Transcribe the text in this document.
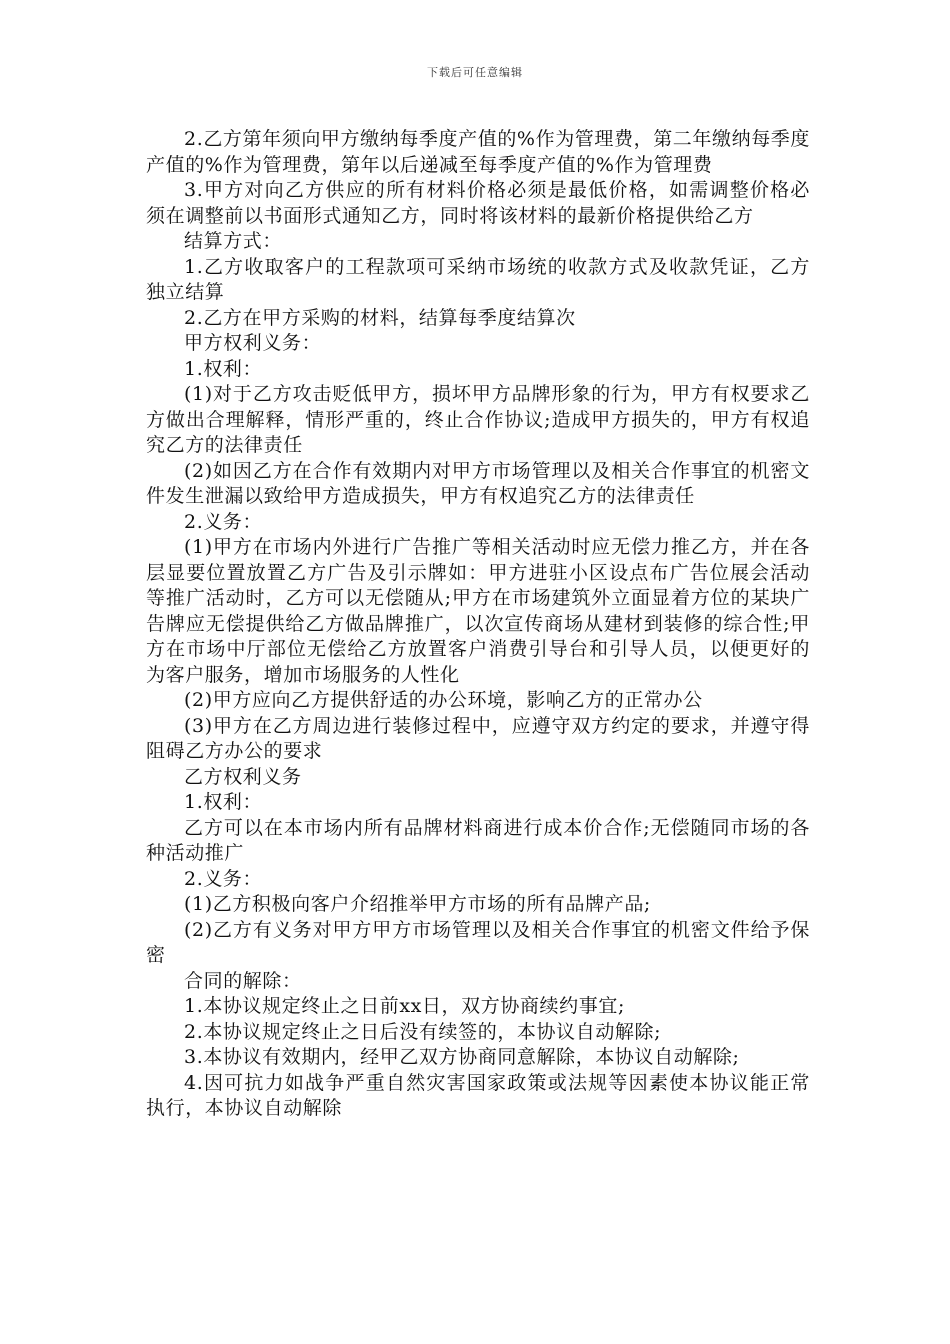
下载后可任意编辑

2.乙方第年须向甲方缴纳每季度产值的%作为管理费，第二年缴纳每季度产值的%作为管理费，第年以后递减至每季度产值的%作为管理费

3.甲方对向乙方供应的所有材料价格必须是最低价格，如需调整价格必须在调整前以书面形式通知乙方，同时将该材料的最新价格提供给乙方

结算方式：

1.乙方收取客户的工程款项可采纳市场统的收款方式及收款凭证，乙方独立结算

2.乙方在甲方采购的材料，结算每季度结算次

甲方权利义务：

1.权利：

(1)对于乙方攻击贬低甲方，损坏甲方品牌形象的行为，甲方有权要求乙方做出合理解释，情形严重的，终止合作协议;造成甲方损失的，甲方有权追究乙方的法律责任

(2)如因乙方在合作有效期内对甲方市场管理以及相关合作事宜的机密文件发生泄漏以致给甲方造成损失，甲方有权追究乙方的法律责任

2.义务：

(1)甲方在市场内外进行广告推广等相关活动时应无偿力推乙方，并在各层显要位置放置乙方广告及引示牌如：甲方进驻小区设点布广告位展会活动等推广活动时，乙方可以无偿随从;甲方在市场建筑外立面显着方位的某块广告牌应无偿提供给乙方做品牌推广，以次宣传商场从建材到装修的综合性;甲方在市场中厅部位无偿给乙方放置客户消费引导台和引导人员，以便更好的为客户服务，增加市场服务的人性化

(2)甲方应向乙方提供舒适的办公环境，影响乙方的正常办公

(3)甲方在乙方周边进行装修过程中，应遵守双方约定的要求，并遵守得阻碍乙方办公的要求

乙方权利义务

1.权利：

乙方可以在本市场内所有品牌材料商进行成本价合作;无偿随同市场的各种活动推广

2.义务：

(1)乙方积极向客户介绍推举甲方市场的所有品牌产品;

(2)乙方有义务对甲方甲方市场管理以及相关合作事宜的机密文件给予保密

合同的解除：

1.本协议规定终止之日前xx日，双方协商续约事宜;

2.本协议规定终止之日后没有续签的，本协议自动解除;

3.本协议有效期内，经甲乙双方协商同意解除，本协议自动解除;

4.因可抗力如战争严重自然灾害国家政策或法规等因素使本协议能正常执行，本协议自动解除
